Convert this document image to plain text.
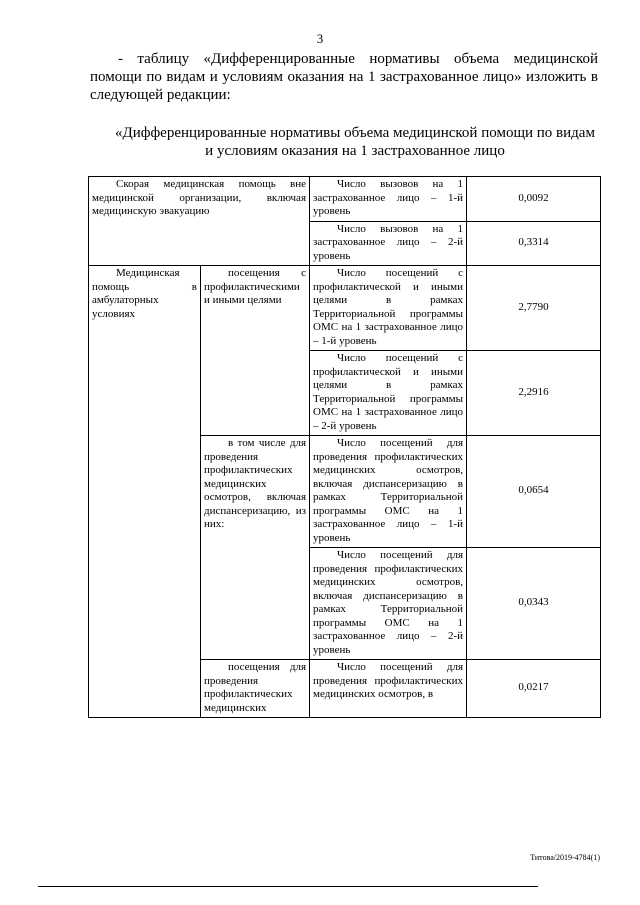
3

- таблицу «Дифференцированные нормативы объема медицинской помощи по видам и условиям оказания на 1 застрахованное лицо» изложить в следующей редакции:

«Дифференцированные нормативы объема медицинской помощи по видам и условиям оказания на 1 застрахованное лицо

Скорая медицинская помощь вне медицинской организации, включая медицинскую эвакуацию		Число вызовов на 1 застрахованное лицо – 1-й уровень	0,0092
		Число вызовов на 1 застрахованное лицо – 2-й уровень	0,3314
Медицинская помощь в амбулаторных условиях	посещения с профилактическими и иными целями	Число посещений с профилактической и иными целями в рамках Территориальной программы ОМС на 1 застрахованное лицо – 1-й уровень	2,7790
		Число посещений с профилактической и иными целями в рамках Территориальной программы ОМС на 1 застрахованное лицо – 2-й уровень	2,2916
	в том числе для проведения профилактических медицинских осмотров, включая диспансеризацию, из них:	Число посещений для проведения профилактических медицинских осмотров, включая диспансеризацию в рамках Территориальной программы ОМС на 1 застрахованное лицо – 1-й уровень	0,0654
		Число посещений для проведения профилактических медицинских осмотров, включая диспансеризацию в рамках Территориальной программы ОМС на 1 застрахованное лицо – 2-й уровень	0,0343
	посещения для проведения профилактических медицинских	Число посещений для проведения профилактических медицинских осмотров, в	0,0217
Титова/2019-4784(1)
